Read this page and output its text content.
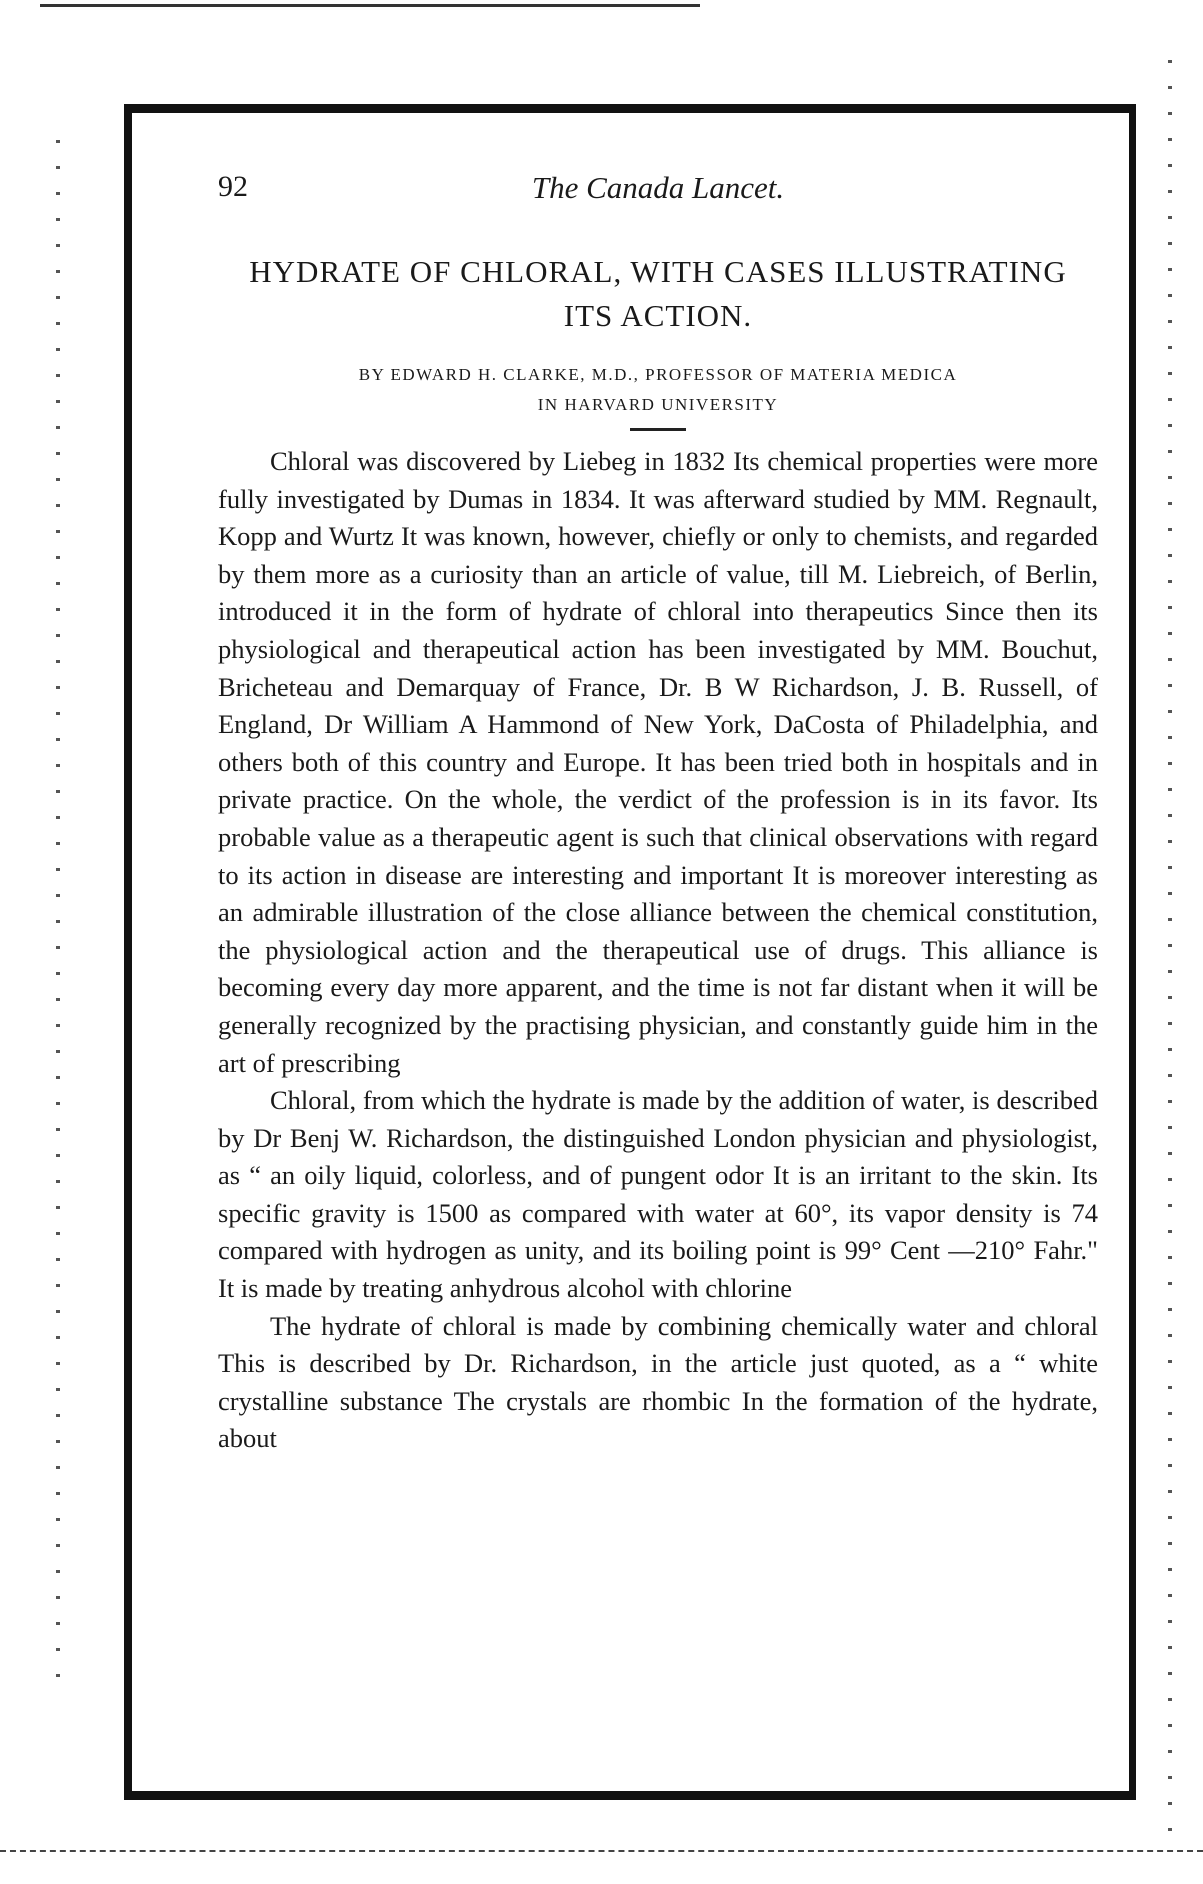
92	The Canada Lancet.
HYDRATE OF CHLORAL, WITH CASES ILLUSTRATING
ITS ACTION.
BY EDWARD H. CLARKE, M.D., PROFESSOR OF MATERIA MEDICA
IN HARVARD UNIVERSITY

Chloral was discovered by Liebeg in 1832 Its chemical properties were more fully investigated by Dumas in 1834. It was afterward studied by MM. Regnault, Kopp and Wurtz It was known, however, chiefly or only to chemists, and regarded by them more as a curiosity than an article of value, till M. Liebreich, of Berlin, introduced it in the form of hydrate of chloral into therapeutics Since then its physiological and therapeutical action has been investigated by MM. Bouchut, Bricheteau and Demarquay of France, Dr. B W Richardson, J. B. Russell, of England, Dr William A Hammond of New York, DaCosta of Philadelphia, and others both of this country and Europe. It has been tried both in hospitals and in private practice. On the whole, the verdict of the profession is in its favor. Its probable value as a therapeutic agent is such that clinical observations with regard to its action in disease are interesting and important It is moreover interesting as an admirable illustration of the close alliance between the chemical constitution, the physiological action and the therapeutical use of drugs. This alliance is becoming every day more apparent, and the time is not far distant when it will be generally recognized by the practising physician, and constantly guide him in the art of prescribing

Chloral, from which the hydrate is made by the addition of water, is described by Dr Benj W. Richardson, the distinguished London physician and physiologist, as “ an oily liquid, colorless, and of pungent odor It is an irritant to the skin. Its specific gravity is 1500 as compared with water at 60°, its vapor density is 74 compared with hydrogen as unity, and its boiling point is 99° Cent —210° Fahr." It is made by treating anhydrous alcohol with chlorine

The hydrate of chloral is made by combining chemically water and chloral This is described by Dr. Richardson, in the article just quoted, as a “ white crystalline substance The crystals are rhombic In the formation of the hydrate, about
